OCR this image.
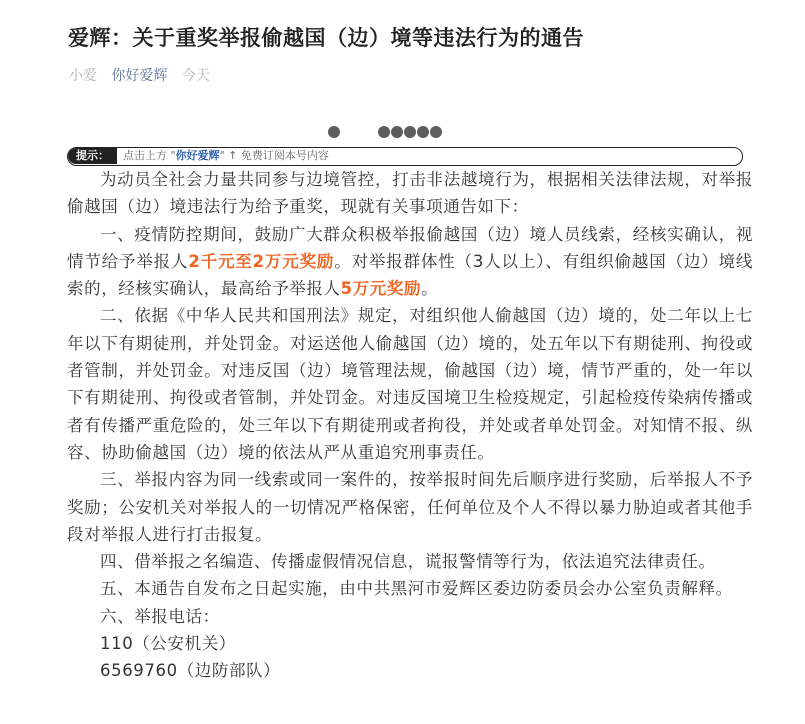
爱辉：关于重奖举报偷越国（边）境等违法行为的通告
小爱 你好爱辉 今天
提示： 点击上方 "你好爱辉" ↑ 免费订阅本号内容

为动员全社会力量共同参与边境管控，打击非法越境行为，根据相关法律法规，对举报偷越国（边）境违法行为给予重奖，现就有关事项通告如下：

一、疫情防控期间，鼓励广大群众积极举报偷越国（边）境人员线索，经核实确认，视情节给予举报人2千元至2万元奖励。对举报群体性（3人以上）、有组织偷越国（边）境线索的，经核实确认，最高给予举报人5万元奖励。

二、依据《中华人民共和国刑法》规定，对组织他人偷越国（边）境的，处二年以上七年以下有期徒刑，并处罚金。对运送他人偷越国（边）境的，处五年以下有期徒刑、拘役或者管制，并处罚金。对违反国（边）境管理法规，偷越国（边）境，情节严重的，处一年以下有期徒刑、拘役或者管制，并处罚金。对违反国境卫生检疫规定，引起检疫传染病传播或者有传播严重危险的，处三年以下有期徒刑或者拘役，并处或者单处罚金。对知情不报、纵容、协助偷越国（边）境的依法从严从重追究刑事责任。

三、举报内容为同一线索或同一案件的，按举报时间先后顺序进行奖励，后举报人不予奖励；公安机关对举报人的一切情况严格保密，任何单位及个人不得以暴力胁迫或者其他手段对举报人进行打击报复。

四、借举报之名编造、传播虚假情况信息，谎报警情等行为，依法追究法律责任。

五、本通告自发布之日起实施，由中共黑河市爱辉区委边防委员会办公室负责解释。

六、举报电话：

110（公安机关）

6569760（边防部队）
